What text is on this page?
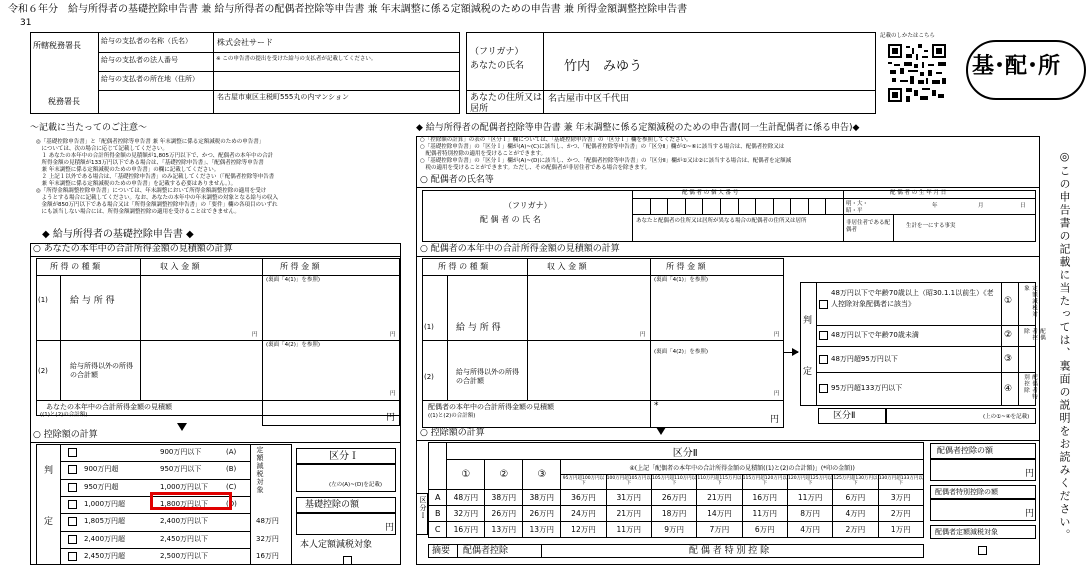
令和６年分　給与所得者の基礎控除申告書 兼 給与所得者の配偶者控除等申告書 兼 年末調整に係る定額減税のための申告書 兼 所得金額調整控除申告書
31
所轄税務署長
税務署長
給与の支払者の名称（氏名）	株式会社サード
給与の支払者の法人番号	※ この申告書の提出を受けた給与の支払者が記載してください。
給与の支払者の所在地（住所）
名古屋市東区主税町555丸の内マンション
（フリガナ）
あなたの氏名	竹内　みゆう
あなたの住所又は居所
名古屋市中区千代田
記載のしかたはこちら
基･配･所
～記載に当たってのご注意～
◎「基礎控除申告書」と「配偶者控除等申告書 兼 年末調整に係る定額減税のための申告書」
　については、次の場合に応じて記載してください。
　１ あなたの本年中の合計所得金額の見積額が1,805万円以下で、かつ、配偶者の本年中の合計
　所得金額の見積額が133万円以下である場合は、「基礎控除申告書」、「配偶者控除等申告書
　兼 年末調整に係る定額減税のための申告書」の欄に記載してください。
　２ 上記１以外である場合は、「基礎控除申告書」のみ記載してください（「配偶者控除等申告書
　兼 年末調整に係る定額減税のための申告書」を記載する必要はありません。）。
◎「所得金額調整控除申告書」については、年末調整において所得金額調整控除の適用を受け
　ようとする場合に記載してください。なお、あなたの本年中の年末調整の対象となる給与の収入
　金額が850万円以下である場合又は「所得金額調整控除申告書」の「要件」欄の各項目のいずれ
　にも該当しない場合には、所得金額調整控除の適用を受けることはできません。
◆ 給与所得者の基礎控除申告書 ◆
○ あなたの本年中の合計所得金額の見積額の計算
所 得 の 種 類	収 入 金 額	所 得 金 額
(1) 給 与 所 得
(裏面「4(1)」を参照)
円	円
(2)
給与所得以外の所得の合計額
(裏面「4(2)」を参照)
円
あなたの本年中の合計所得金額の見積額
((1)と(2)の合計額)	円
○ 控除額の計算
判
定
900万円以下	(A)
900万円超	950万円以下	(B)
950万円超	1,000万円以下	(C)
1,000万円超	1,800万円以下	(D)
1,805万円超	2,400万円以下	48万円
2,400万円超	2,450万円以下	32万円
2,450万円超	2,500万円以下	16万円
定額減税対象	区分Ｉ
(左の(A)~(D)を記載)
基礎控除の額
円
本人定額減税対象
◆ 給与所得者の配偶者控除等申告書 兼 年末調整に係る定額減税のための申告書(同一生計配偶者に係る申告)◆
○「控除額の計算」の表の「区分Ｉ」欄については、「基礎控除申告書」の「区分Ｉ」欄を参照してください。
○「基礎控除申告書」の「区分Ｉ」欄が(A)~(C)に該当し、かつ、「配偶者控除等申告書」の「区分Ⅱ」欄が①~⑥に該当する場合は、配偶者控除又は
　配偶者特別控除の適用を受けることができます。
○「基礎控除申告書」の「区分Ｉ」欄が(A)~(D)に該当し、かつ、「配偶者控除等申告書」の「区分Ⅱ」欄が①又は②に該当する場合は、配偶者を定額減
　税の適用を受けることができます。ただし、その配偶者が非居住者である場合を除きます。
○ 配偶者の氏名等
配 偶 者 の 個 人 番 号	配 偶 者 の 生 年 月 日
（フリガナ）
配 偶 者 の 氏 名
明・大・昭・平
年	月	日
あなたと配偶者の住所又は居所が異なる場合の配偶者の住所又は居所	非居住者である配偶者
生計を一にする事実
○ 配偶者の本年中の合計所得金額の見積額の計算
所 得 の 種 類	収 入 金 額	所 得 金 額
(1) 給 与 所 得
(裏面「4(1)」を参照)
円	円
(2)
給与所得以外の所得の合計額
(裏面「4(2)」を参照)
円
配偶者の本年中の合計所得金額の見積額
((1)と(2)の合計額)
*
円
判
定
48万円以下で年齢70歳以上（昭30.1.1以前生）《老人控除対象配偶者に該当》	①
48万円以下で年齢70歳未満	②
48万円超95万円以下	③
95万円超133万円以下	④
定額減税対象
配偶者控除
配偶者特別控除
区分Ⅱ	(上の①~④を記載)
○ 控除額の計算
	区分Ⅱ										
	①	②	③	④(上記「配偶者の本年中の合計所得金額の見積額((1)と(2)の合計額)」(*印の金額))							
				95万円超100万円以下	100万円超105万円以下	105万円超110万円以下	110万円超115万円以下	115万円超120万円以下	120万円超125万円以下	125万円超130万円以下	130万円超133万円以下
A	48万円	38万円	38万円	36万円	31万円	26万円	21万円	16万円	11万円	6万円	3万円
B	32万円	26万円	26万円	24万円	21万円	18万円	14万円	11万円	8万円	4万円	2万円
C	16万円	13万円	13万円	12万円	11万円	9万円	7万円	6万円	4万円	2万円	1万円
区分Ｉ
摘要 配偶者控除	配 偶 者 特 別 控 除
配偶者控除の額
円
配偶者特別控除の額
円
配偶者定額減税対象	◎この申告書の記載に当たっては、裏面の説明をお読みください。
